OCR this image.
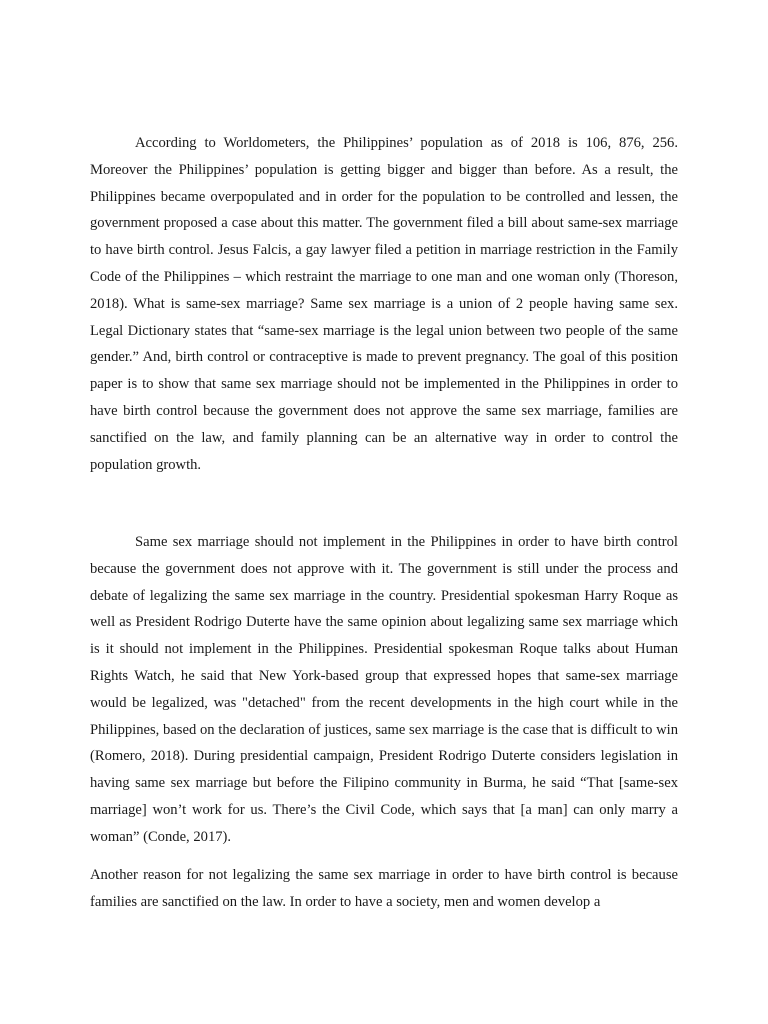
According to Worldometers, the Philippines’ population as of 2018 is 106, 876, 256. Moreover the Philippines’ population is getting bigger and bigger than before. As a result, the Philippines became overpopulated and in order for the population to be controlled and lessen, the government proposed a case about this matter. The government filed a bill about same-sex marriage to have birth control. Jesus Falcis, a gay lawyer filed a petition in marriage restriction in the Family Code of the Philippines – which restraint the marriage to one man and one woman only (Thoreson, 2018). What is same-sex marriage? Same sex marriage is a union of 2 people having same sex. Legal Dictionary states that “same-sex marriage is the legal union between two people of the same gender.” And, birth control or contraceptive is made to prevent pregnancy. The goal of this position paper is to show that same sex marriage should not be implemented in the Philippines in order to have birth control because the government does not approve the same sex marriage, families are sanctified on the law, and family planning can be an alternative way in order to control the population growth.

Same sex marriage should not implement in the Philippines in order to have birth control because the government does not approve with it. The government is still under the process and debate of legalizing the same sex marriage in the country. Presidential spokesman Harry Roque as well as President Rodrigo Duterte have the same opinion about legalizing same sex marriage which is it should not implement in the Philippines. Presidential spokesman Roque talks about Human Rights Watch, he said that New York-based group that expressed hopes that same-sex marriage would be legalized, was "detached" from the recent developments in the high court while in the Philippines, based on the declaration of justices, same sex marriage is the case that is difficult to win (Romero, 2018). During presidential campaign, President Rodrigo Duterte considers legislation in having same sex marriage but before the Filipino community in Burma, he said “That [same-sex marriage] won’t work for us. There’s the Civil Code, which says that [a man] can only marry a woman” (Conde, 2017).

Another reason for not legalizing the same sex marriage in order to have birth control is because families are sanctified on the law. In order to have a society, men and women develop a
